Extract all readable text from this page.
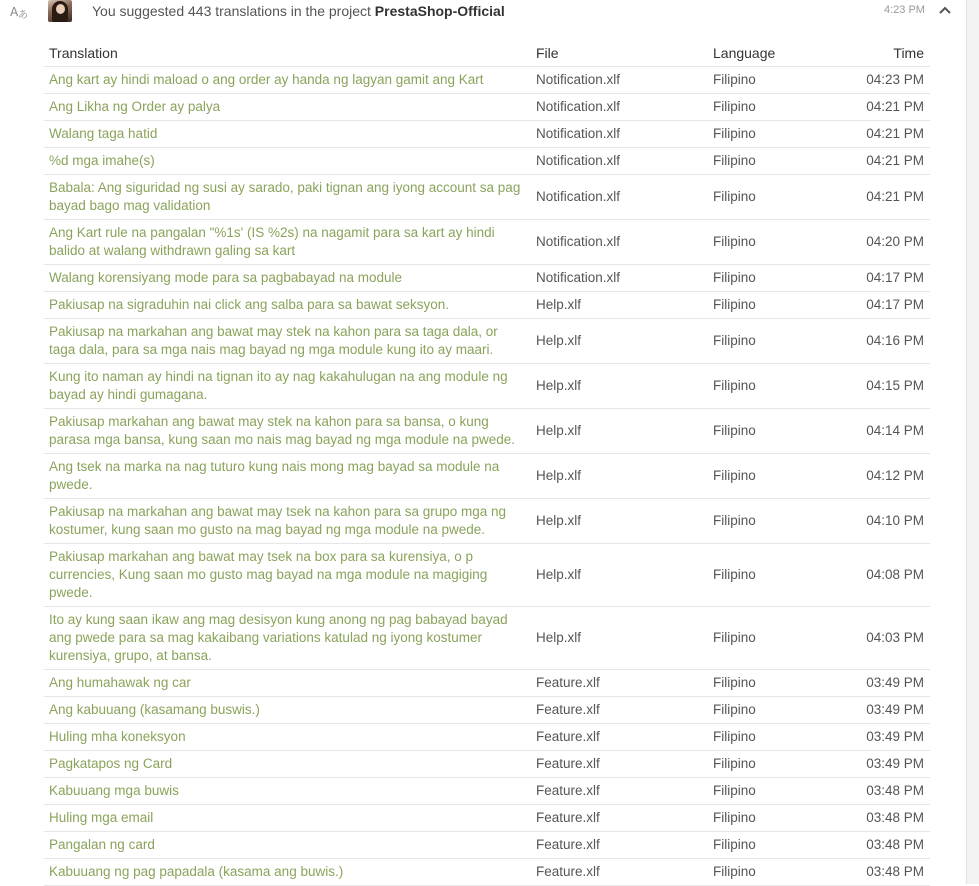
A あ	You suggested 443 translations in the project PrestaShop-Official	4:23 PM
Translation	File	Language	Time
Ang kart ay hindi maload o ang order ay handa ng lagyan gamit ang Kart	Notification.xlf	Filipino	04:23 PM
Ang Likha ng Order ay palya	Notification.xlf	Filipino	04:21 PM
Walang taga hatid	Notification.xlf	Filipino	04:21 PM
%d mga imahe(s)	Notification.xlf	Filipino	04:21 PM
Babala: Ang siguridad ng susi ay sarado, paki tignan ang iyong account sa pag bayad bago mag validation	Notification.xlf	Filipino	04:21 PM
Ang Kart rule na pangalan "%1s' (IS %2s) na nagamit para sa kart ay hindi balido at walang withdrawn galing sa kart	Notification.xlf	Filipino	04:20 PM
Walang korensiyang mode para sa pagbabayad na module	Notification.xlf	Filipino	04:17 PM
Pakiusap na sigraduhin nai click ang salba para sa bawat seksyon.	Help.xlf	Filipino	04:17 PM
Pakiusap na markahan ang bawat may stek na kahon para sa taga dala, or taga dala, para sa mga nais mag bayad ng mga module kung ito ay maari.	Help.xlf	Filipino	04:16 PM
Kung ito naman ay hindi na tignan ito ay nag kakahulugan na ang module ng bayad ay hindi gumagana.	Help.xlf	Filipino	04:15 PM
Pakiusap markahan ang bawat may stek na kahon para sa bansa, o kung parasa mga bansa, kung saan mo nais mag bayad ng mga module na pwede.	Help.xlf	Filipino	04:14 PM
Ang tsek na marka na nag tuturo kung nais mong mag bayad sa module na pwede.	Help.xlf	Filipino	04:12 PM
Pakiusap na markahan ang bawat may tsek na kahon para sa grupo mga ng kostumer, kung saan mo gusto na mag bayad ng mga module na pwede.	Help.xlf	Filipino	04:10 PM
Pakiusap markahan ang bawat may tsek na box para sa kurensiya, o p currencies, Kung saan mo gusto mag bayad na mga module na magiging pwede.	Help.xlf	Filipino	04:08 PM
Ito ay kung saan ikaw ang mag desisyon kung anong ng pag babayad bayad ang pwede para sa mag kakaibang variations katulad ng iyong kostumer kurensiya, grupo, at bansa.	Help.xlf	Filipino	04:03 PM
Ang humahawak ng car	Feature.xlf	Filipino	03:49 PM
Ang kabuuang (kasamang buswis.)	Feature.xlf	Filipino	03:49 PM
Huling mha koneksyon	Feature.xlf	Filipino	03:49 PM
Pagkatapos ng Card	Feature.xlf	Filipino	03:49 PM
Kabuuang mga buwis	Feature.xlf	Filipino	03:48 PM
Huling mga email	Feature.xlf	Filipino	03:48 PM
Pangalan ng card	Feature.xlf	Filipino	03:48 PM
Kabuuang ng pag papadala (kasama ang buwis.)	Feature.xlf	Filipino	03:48 PM
